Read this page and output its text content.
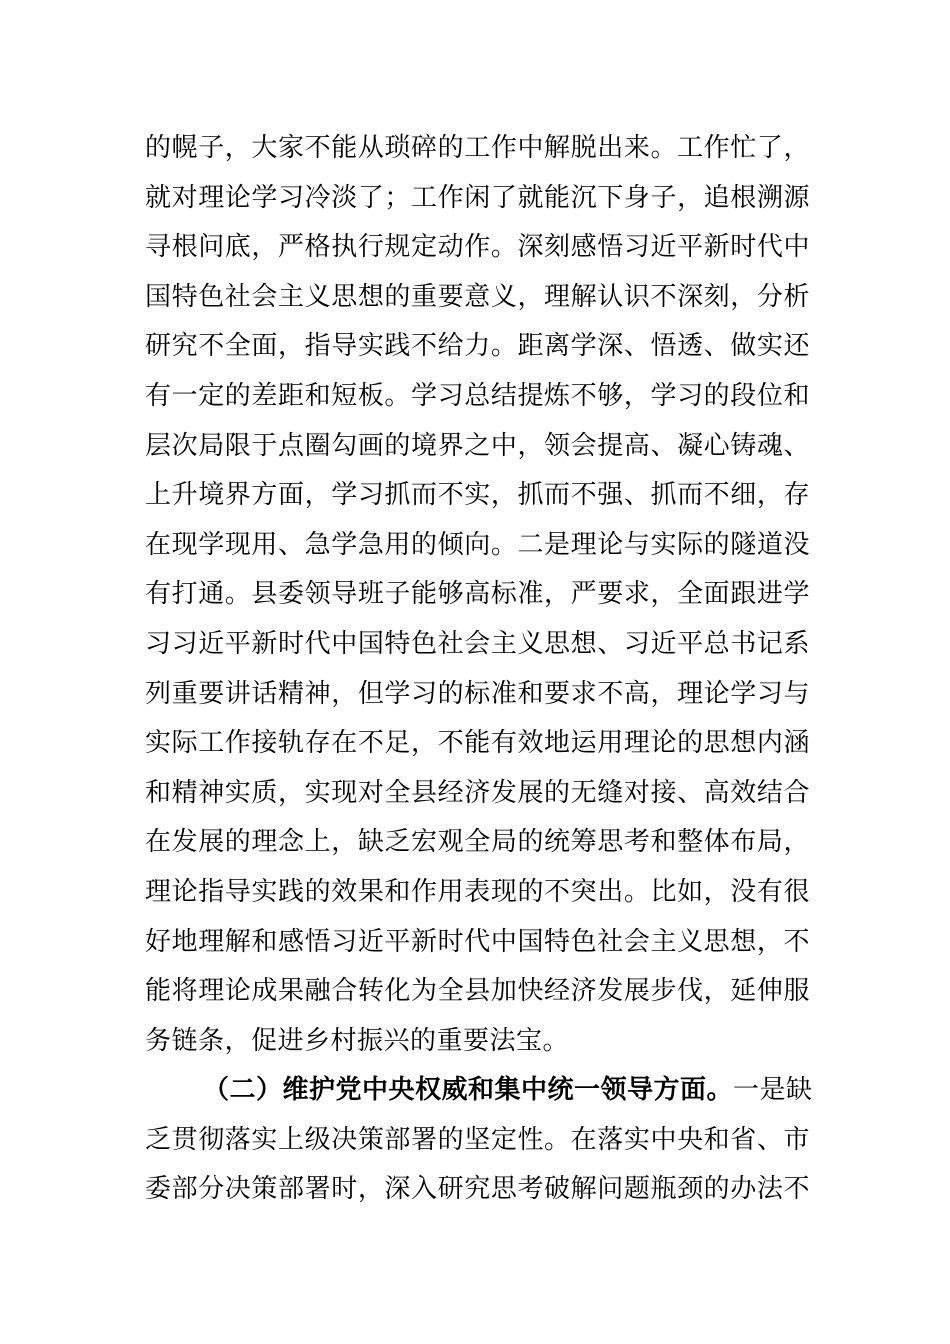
的幌子，大家不能从琐碎的工作中解脱出来。工作忙了，
就对理论学习冷淡了；工作闲了就能沉下身子，追根溯源
寻根问底，严格执行规定动作。深刻感悟习近平新时代中
国特色社会主义思想的重要意义，理解认识不深刻，分析
研究不全面，指导实践不给力。距离学深、悟透、做实还
有一定的差距和短板。学习总结提炼不够，学习的段位和
层次局限于点圈勾画的境界之中，领会提高、凝心铸魂、
上升境界方面，学习抓而不实，抓而不强、抓而不细，存
在现学现用、急学急用的倾向。二是理论与实际的隧道没
有打通。县委领导班子能够高标准，严要求，全面跟进学
习习近平新时代中国特色社会主义思想、习近平总书记系
列重要讲话精神，但学习的标准和要求不高，理论学习与
实际工作接轨存在不足，不能有效地运用理论的思想内涵
和精神实质，实现对全县经济发展的无缝对接、高效结合
在发展的理念上，缺乏宏观全局的统筹思考和整体布局，
理论指导实践的效果和作用表现的不突出。比如，没有很
好地理解和感悟习近平新时代中国特色社会主义思想，不
能将理论成果融合转化为全县加快经济发展步伐，延伸服
务链条，促进乡村振兴的重要法宝。
（二）维护党中央权威和集中统一领导方面。一是缺
乏贯彻落实上级决策部署的坚定性。在落实中央和省、市
委部分决策部署时，深入研究思考破解问题瓶颈的办法不
